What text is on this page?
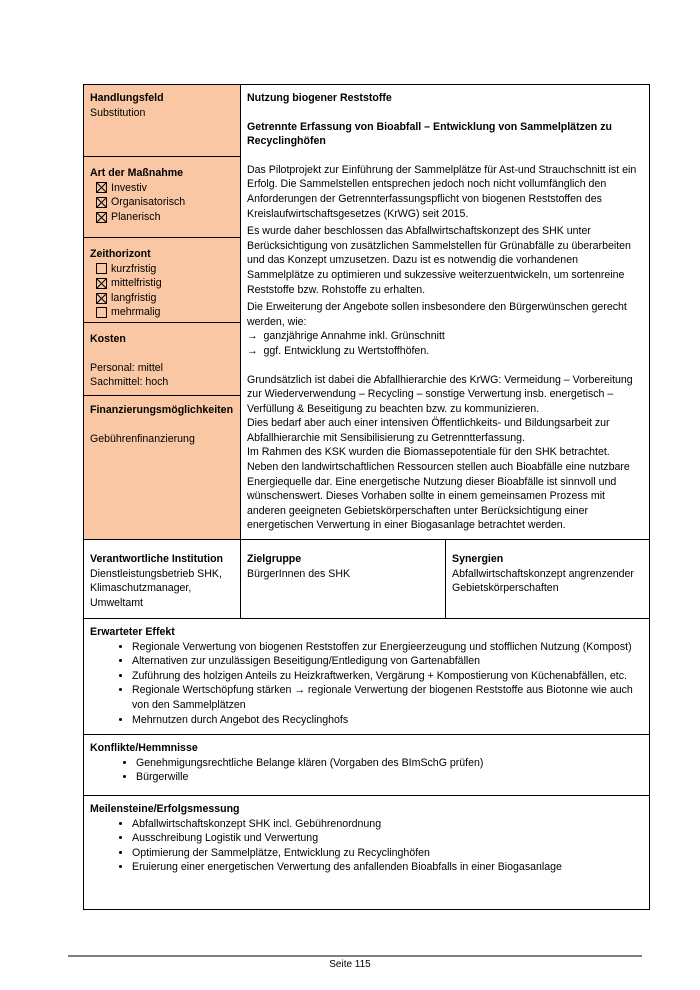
Handlungsfeld

Substitution

Art der Maßnahme

Investiv
Organisatorisch
Planerisch

Zeithorizont

kurzfristig
mittelfristig
langfristig
mehrmalig

Kosten

Personal: mittel

Sachmittel: hoch

Finanzierungsmöglichkeiten

Gebührenfinanzierung

Nutzung biogener Reststoffe

Getrennte Erfassung von Bioabfall – Entwicklung von Sammelplätzen zu Recyclinghöfen

Das Pilotprojekt zur Einführung der Sammelplätze für Ast-und Strauchschnitt ist ein Erfolg. Die Sammelstellen entsprechen jedoch noch nicht vollumfänglich den Anforderungen der Getrennterfassungspflicht von biogenen Reststoffen des Kreislaufwirtschaftsgesetzes (KrWG) seit 2015.

Es wurde daher beschlossen das Abfallwirtschaftskonzept des SHK unter Berücksichtigung von zusätzlichen Sammelstellen für Grünabfälle zu überarbeiten und das Konzept umzusetzen. Dazu ist es notwendig die vorhandenen Sammelplätze zu optimieren und sukzessive weiterzuentwickeln, um sortenreine Reststoffe bzw. Rohstoffe zu erhalten.

Die Erweiterung der Angebote sollen insbesondere den Bürgerwünschen gerecht werden, wie:

→ ganzjährige Annahme inkl. Grünschnitt

→ ggf. Entwicklung zu Wertstoffhöfen.

Grundsätzlich ist dabei die Abfallhierarchie des KrWG: Vermeidung – Vorbereitung zur Wiederverwendung – Recycling – sonstige Verwertung insb. energetisch – Verfüllung & Beseitigung zu beachten bzw. zu kommunizieren.

Dies bedarf aber auch einer intensiven Öffentlichkeits- und Bildungsarbeit zur Abfallhierarchie mit Sensibilisierung zu Getrenntterfassung.

Im Rahmen des KSK wurden die Biomassepotentiale für den SHK betrachtet.

Neben den landwirtschaftlichen Ressourcen stellen auch Bioabfälle eine nutzbare Energiequelle dar. Eine energetische Nutzung dieser Bioabfälle ist sinnvoll und wünschenswert. Dieses Vorhaben sollte in einem gemeinsamen Prozess mit anderen geeigneten Gebietskörperschaften unter Berücksichtigung einer energetischen Verwertung in einer Biogasanlage betrachtet werden.

Verantwortliche Institution

Dienstleistungsbetrieb SHK, Klimaschutzmanager, Umweltamt

Zielgruppe

BürgerInnen des SHK

Synergien

Abfallwirtschaftskonzept angrenzender Gebietskörperschaften

Erwarteter Effekt

• Regionale Verwertung von biogenen Reststoffen zur Energieerzeugung und stofflichen Nutzung (Kompost)
• Alternativen zur unzulässigen Beseitigung/Entledigung von Gartenabfällen
• Zuführung des holzigen Anteils zu Heizkraftwerken, Vergärung + Kompostierung von Küchenabfällen, etc.
• Regionale Wertschöpfung stärken → regionale Verwertung der biogenen Reststoffe aus Biotonne wie auch von den Sammelplätzen
• Mehrnutzen durch Angebot des Recyclinghofs

Konflikte/Hemmnisse

• Genehmigungsrechtliche Belange klären (Vorgaben des BImSchG prüfen)
• Bürgerwille

Meilensteine/Erfolgsmessung

• Abfallwirtschaftskonzept SHK incl. Gebührenordnung
• Ausschreibung Logistik und Verwertung
• Optimierung der Sammelplätze, Entwicklung zu Recyclinghöfen
• Eruierung einer energetischen Verwertung des anfallenden Bioabfalls in einer Biogasanlage
Seite 115
